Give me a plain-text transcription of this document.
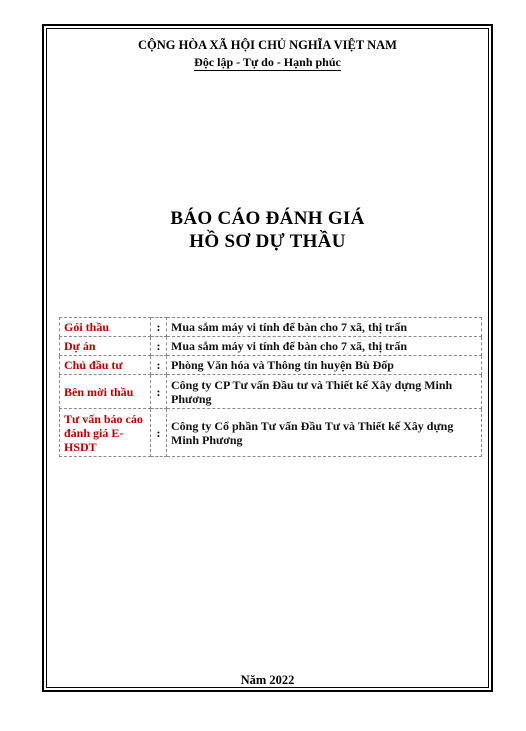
CỘNG HÒA XÃ HỘI CHỦ NGHĨA VIỆT NAM
Độc lập - Tự do - Hạnh phúc
BÁO CÁO ĐÁNH GIÁ
HỒ SƠ DỰ THẦU
Gói thầu	:	Mua sắm máy vi tính để bàn cho 7 xã, thị trấn
Dự án	:	Mua sắm máy vi tính để bàn cho 7 xã, thị trấn
Chủ đầu tư	:	Phòng Văn hóa và Thông tin huyện Bù Đốp
Bên mời thầu	:	Công ty CP Tư vấn Đầu tư và Thiết kế Xây dựng Minh Phương
Tư vấn báo cáo đánh giá E-HSDT	:	Công ty Cổ phần Tư vấn Đầu Tư và Thiết kế Xây dựng Minh Phương
Năm 2022
